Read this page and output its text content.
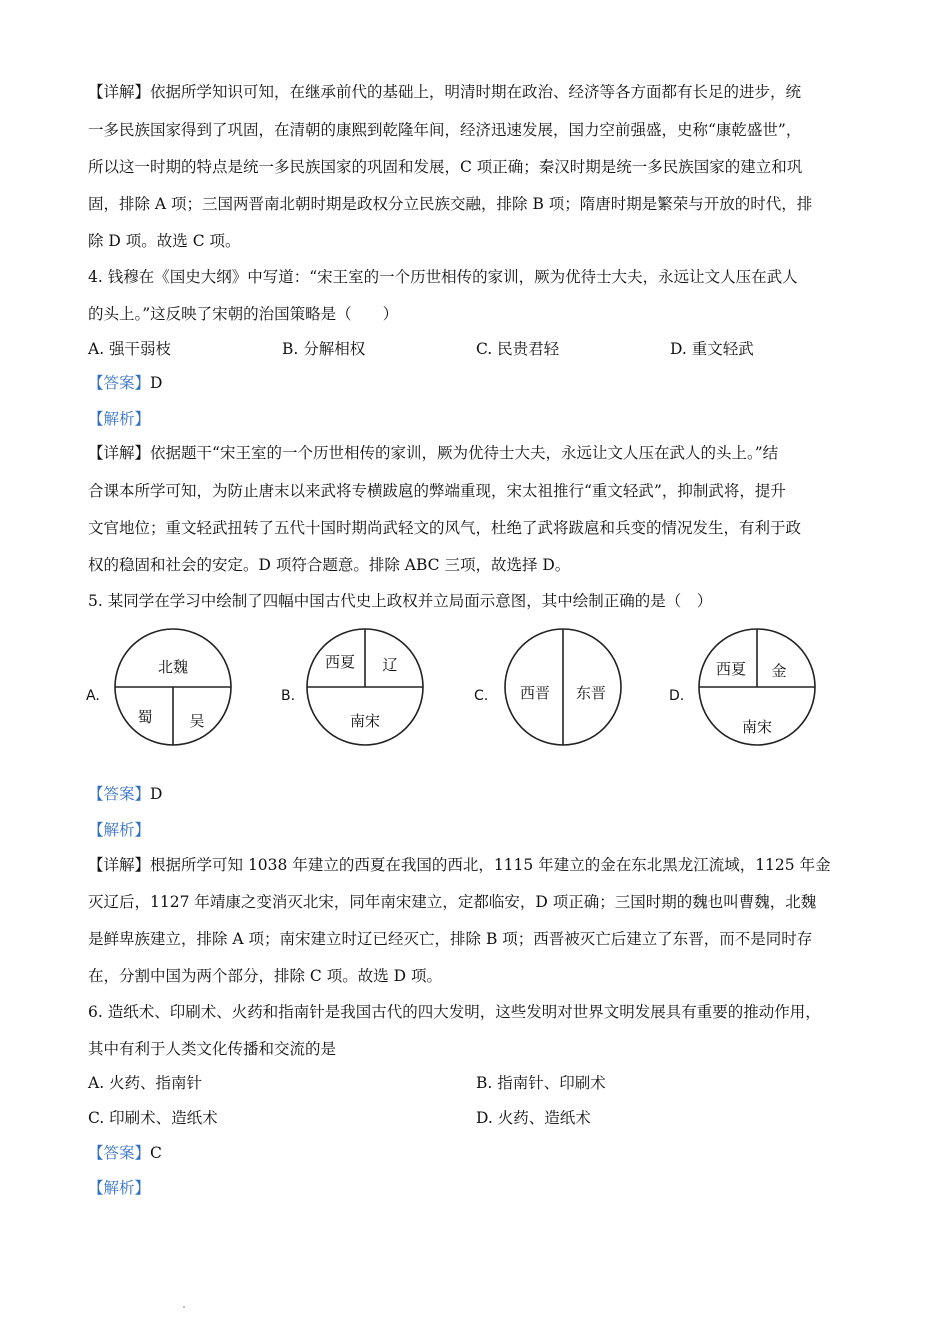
【详解】依据所学知识可知，在继承前代的基础上，明清时期在政治、经济等各方面都有长足的进步，统
一多民族国家得到了巩固，在清朝的康熙到乾隆年间，经济迅速发展，国力空前强盛，史称“康乾盛世”，
所以这一时期的特点是统一多民族国家的巩固和发展，C 项正确；秦汉时期是统一多民族国家的建立和巩
固，排除 A 项；三国两晋南北朝时期是政权分立民族交融，排除 B 项；隋唐时期是繁荣与开放的时代，排
除 D 项。故选 C 项。
4. 钱穆在《国史大纲》中写道：“宋王室的一个历世相传的家训，厥为优待士大夫，永远让文人压在武人
的头上。”这反映了宋朝的治国策略是（　　）
A. 强干弱枝	B. 分解相权	C. 民贵君轻	D. 重文轻武
【答案】D
【解析】
【详解】依据题干“宋王室的一个历世相传的家训，厥为优待士大夫，永远让文人压在武人的头上。”结
合课本所学可知，为防止唐末以来武将专横跋扈的弊端重现，宋太祖推行“重文轻武”，抑制武将，提升
文官地位；重文轻武扭转了五代十国时期尚武轻文的风气，杜绝了武将跋扈和兵变的情况发生，有利于政
权的稳固和社会的安定。D 项符合题意。排除 ABC 三项，故选择 D。
5. 某同学在学习中绘制了四幅中国古代史上政权并立局面示意图，其中绘制正确的是（　）
A.
北魏
蜀 吴
B.
西夏 辽
南宋
C. 西晋 东晋	D.
西夏 金
南宋
【答案】D
【解析】
【详解】根据所学可知 1038 年建立的西夏在我国的西北，1115 年建立的金在东北黑龙江流域，1125 年金
灭辽后，1127 年靖康之变消灭北宋，同年南宋建立，定都临安，D 项正确；三国时期的魏也叫曹魏，北魏
是鲜卑族建立，排除 A 项；南宋建立时辽已经灭亡，排除 B 项；西晋被灭亡后建立了东晋，而不是同时存
在，分割中国为两个部分，排除 C 项。故选 D 项。
6. 造纸术、印刷术、火药和指南针是我国古代的四大发明，这些发明对世界文明发展具有重要的推动作用，
其中有利于人类文化传播和交流的是
A. 火药、指南针	B. 指南针、印刷术
C. 印刷术、造纸术	D. 火药、造纸术
【答案】C
【解析】
